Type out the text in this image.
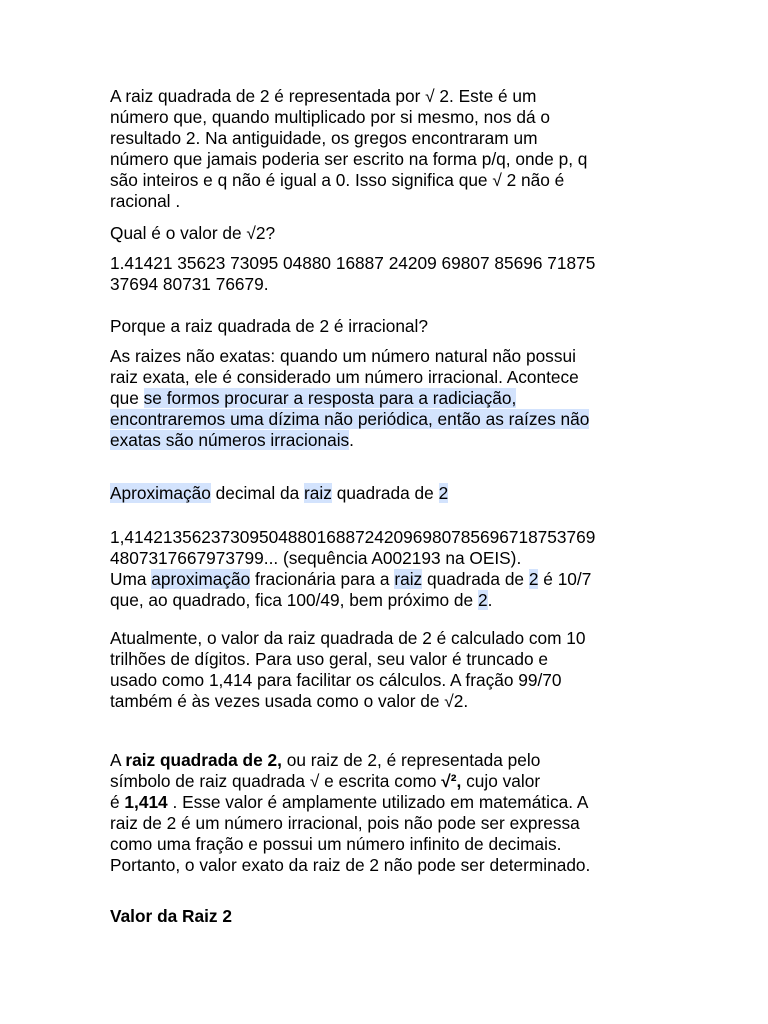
A raiz quadrada de 2 é representada por √ 2. Este é um
número que, quando multiplicado por si mesmo, nos dá o
resultado 2. Na antiguidade, os gregos encontraram um
número que jamais poderia ser escrito na forma p/q, onde p, q
são inteiros e q não é igual a 0. Isso significa que √ 2 não é
racional .
Qual é o valor de √2?
1.41421 35623 73095 04880 16887 24209 69807 85696 71875
37694 80731 76679.
Porque a raiz quadrada de 2 é irracional?
As raizes não exatas: quando um número natural não possui
raiz exata, ele é considerado um número irracional. Acontece
que se formos procurar a resposta para a radiciação,
encontraremos uma dízima não periódica, então as raízes não
exatas são números irracionais.
Aproximação decimal da raiz quadrada de 2
1,4142135623730950488016887242096980785696718753769
4807317667973799... (sequência A002193 na OEIS).
Uma aproximação fracionária para a raiz quadrada de 2 é 10/7
que, ao quadrado, fica 100/49, bem próximo de 2.
Atualmente, o valor da raiz quadrada de 2 é calculado com 10
trilhões de dígitos. Para uso geral, seu valor é truncado e
usado como 1,414 para facilitar os cálculos. A fração 99/70
também é às vezes usada como o valor de √2.
A raiz quadrada de 2, ou raiz de 2, é representada pelo
símbolo de raiz quadrada √ e escrita como √², cujo valor
é 1,414 . Esse valor é amplamente utilizado em matemática. A
raiz de 2 é um número irracional, pois não pode ser expressa
como uma fração e possui um número infinito de decimais.
Portanto, o valor exato da raiz de 2 não pode ser determinado.
Valor da Raiz 2
